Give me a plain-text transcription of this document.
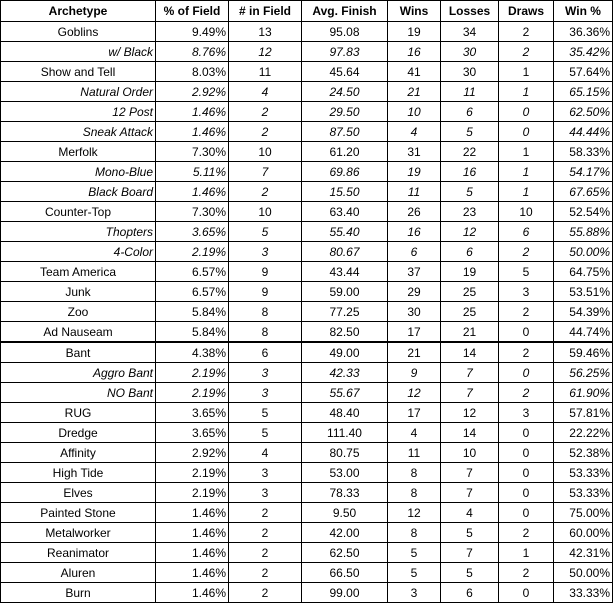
Archetype	% of Field	# in Field	Avg. Finish	Wins	Losses	Draws	Win %
Goblins	9.49%	13	95.08	19	34	2	36.36%
w/ Black	8.76%	12	97.83	16	30	2	35.42%
Show and Tell	8.03%	11	45.64	41	30	1	57.64%
Natural Order	2.92%	4	24.50	21	11	1	65.15%
12 Post	1.46%	2	29.50	10	6	0	62.50%
Sneak Attack	1.46%	2	87.50	4	5	0	44.44%
Merfolk	7.30%	10	61.20	31	22	1	58.33%
Mono-Blue	5.11%	7	69.86	19	16	1	54.17%
Black Board	1.46%	2	15.50	11	5	1	67.65%
Counter-Top	7.30%	10	63.40	26	23	10	52.54%
Thopters	3.65%	5	55.40	16	12	6	55.88%
4-Color	2.19%	3	80.67	6	6	2	50.00%
Team America	6.57%	9	43.44	37	19	5	64.75%
Junk	6.57%	9	59.00	29	25	3	53.51%
Zoo	5.84%	8	77.25	30	25	2	54.39%
Ad Nauseam	5.84%	8	82.50	17	21	0	44.74%
Bant	4.38%	6	49.00	21	14	2	59.46%
Aggro Bant	2.19%	3	42.33	9	7	0	56.25%
NO Bant	2.19%	3	55.67	12	7	2	61.90%
RUG	3.65%	5	48.40	17	12	3	57.81%
Dredge	3.65%	5	111.40	4	14	0	22.22%
Affinity	2.92%	4	80.75	11	10	0	52.38%
High Tide	2.19%	3	53.00	8	7	0	53.33%
Elves	2.19%	3	78.33	8	7	0	53.33%
Painted Stone	1.46%	2	9.50	12	4	0	75.00%
Metalworker	1.46%	2	42.00	8	5	2	60.00%
Reanimator	1.46%	2	62.50	5	7	1	42.31%
Aluren	1.46%	2	66.50	5	5	2	50.00%
Burn	1.46%	2	99.00	3	6	0	33.33%
